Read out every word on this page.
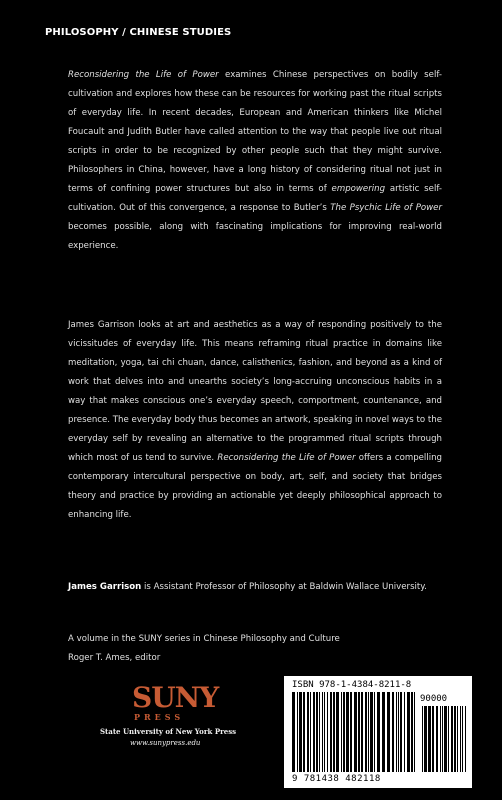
PHILOSOPHY / CHINESE STUDIES
Reconsidering the Life of Power examines Chinese perspectives on bodily self-cultivation and explores how these can be resources for working past the ritual scripts of everyday life. In recent decades, European and American thinkers like Michel Foucault and Judith Butler have called attention to the way that people live out ritual scripts in order to be recognized by other people such that they might survive. Philosophers in China, however, have a long history of considering ritual not just in terms of confining power structures but also in terms of empowering artistic self-cultivation. Out of this convergence, a response to Butler’s The Psychic Life of Power becomes possible, along with fascinating implications for improving real-world experience.
James Garrison looks at art and aesthetics as a way of responding positively to the vicissitudes of everyday life. This means reframing ritual practice in domains like meditation, yoga, tai chi chuan, dance, calisthenics, fashion, and beyond as a kind of work that delves into and unearths society’s long-accruing unconscious habits in a way that makes conscious one’s everyday speech, comportment, countenance, and presence. The everyday body thus becomes an artwork, speaking in novel ways to the everyday self by revealing an alternative to the programmed ritual scripts through which most of us tend to survive. Reconsidering the Life of Power offers a compelling contemporary intercultural perspective on body, art, self, and society that bridges theory and practice by providing an actionable yet deeply philosophical approach to enhancing life.
James Garrison is Assistant Professor of Philosophy at Baldwin Wallace University.
A volume in the SUNY series in Chinese Philosophy and Culture
Roger T. Ames, editor
SUNY
PRESS
State University of New York Press
www.sunypress.edu
ISBN 978-1-4384-8211-8
90000
9 781438 482118
